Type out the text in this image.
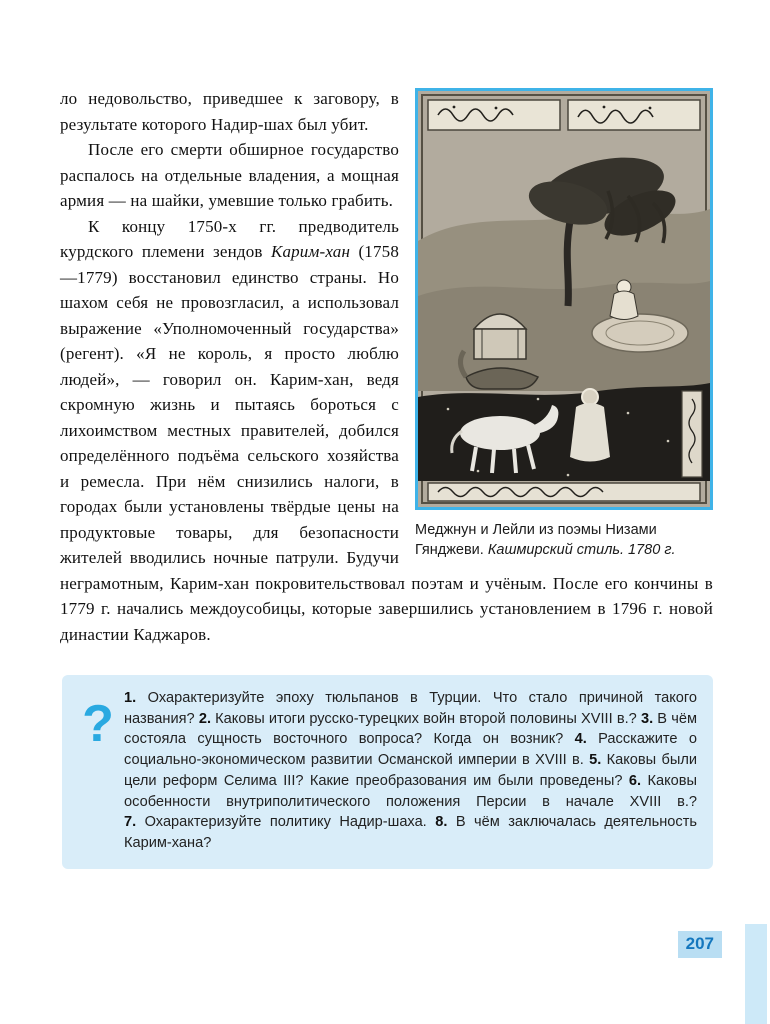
Меджнун и Лейли из поэмы Низами Гянджеви. Кашмирский стиль. 1780 г.

ло недовольство, приведшее к заговору, в результате которого Надир-шах был убит.

После его смерти обширное государство распалось на отдельные владения, а мощная армия — на шайки, умевшие только грабить.

К концу 1750-х гг. предводитель курдского племени зендов Карим-хан (1758—1779) восстановил единство страны. Но шахом себя не провозгласил, а использовал выражение «Уполномоченный государства» (регент). «Я не король, я просто люблю людей», — говорил он. Карим-хан, ведя скромную жизнь и пытаясь бороться с лихоимством местных правителей, добился определённого подъёма сельского хозяйства и ремесла. При нём снизились налоги, в городах были установлены твёрдые цены на продуктовые товары, для безопасности жителей вводились ночные патрули. Будучи неграмотным, Карим-хан покровительствовал поэтам и учёным. После его кончины в 1779 г. начались междоусобицы, которые завершились установлением в 1796 г. новой династии Каджаров.

? 1. Охарактеризуйте эпоху тюльпанов в Турции. Что стало причиной такого названия? 2. Каковы итоги русско-турецких войн второй половины XVIII в.? 3. В чём состояла сущность восточного вопроса? Когда он возник? 4. Расскажите о социально-экономическом развитии Османской империи в XVIII в. 5. Каковы были цели реформ Селима III? Какие преобразования им были проведены? 6. Каковы особенности внутриполитического положения Персии в начале XVIII в.? 7. Охарактеризуйте политику Надир-шаха. 8. В чём заключалась деятельность Карим-хана?

207
